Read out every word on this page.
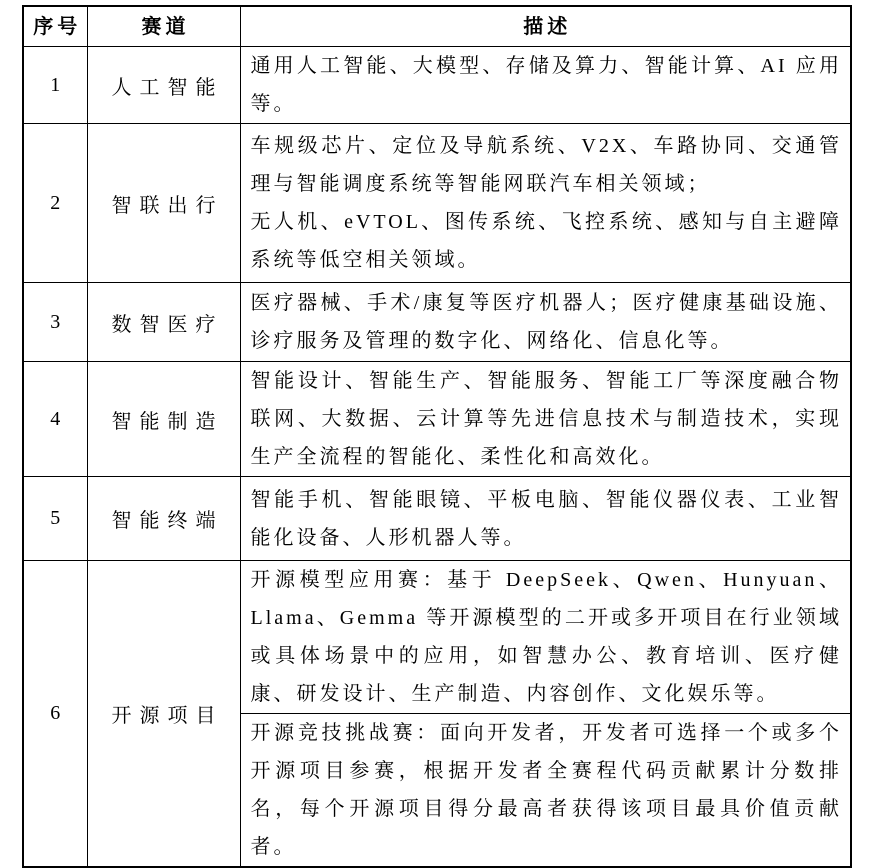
序号	赛道	描述
1	人工智能	通用人工智能、大模型、存储及算力、智能计算、AI 应用等。

2	智联出行	车规级芯片、定位及导航系统、V2X、车路协同、交通管理与智能调度系统等智能网联汽车相关领域；

无人机、eVTOL、图传系统、飞控系统、感知与自主避障系统等低空相关领域。

3	数智医疗	医疗器械、手术/康复等医疗机器人；医疗健康基础设施、诊疗服务及管理的数字化、网络化、信息化等。

4	智能制造	智能设计、智能生产、智能服务、智能工厂等深度融合物联网、大数据、云计算等先进信息技术与制造技术，实现生产全流程的智能化、柔性化和高效化。

5	智能终端	智能手机、智能眼镜、平板电脑、智能仪器仪表、工业智能化设备、人形机器人等。

6	开源项目	开源模型应用赛：基于 DeepSeek、Qwen、Hunyuan、Llama、Gemma 等开源模型的二开或多开项目在行业领域或具体场景中的应用，如智慧办公、教育培训、医疗健康、研发设计、生产制造、内容创作、文化娱乐等。

		开源竞技挑战赛：面向开发者，开发者可选择一个或多个开源项目参赛，根据开发者全赛程代码贡献累计分数排名，每个开源项目得分最高者获得该项目最具价值贡献者。
